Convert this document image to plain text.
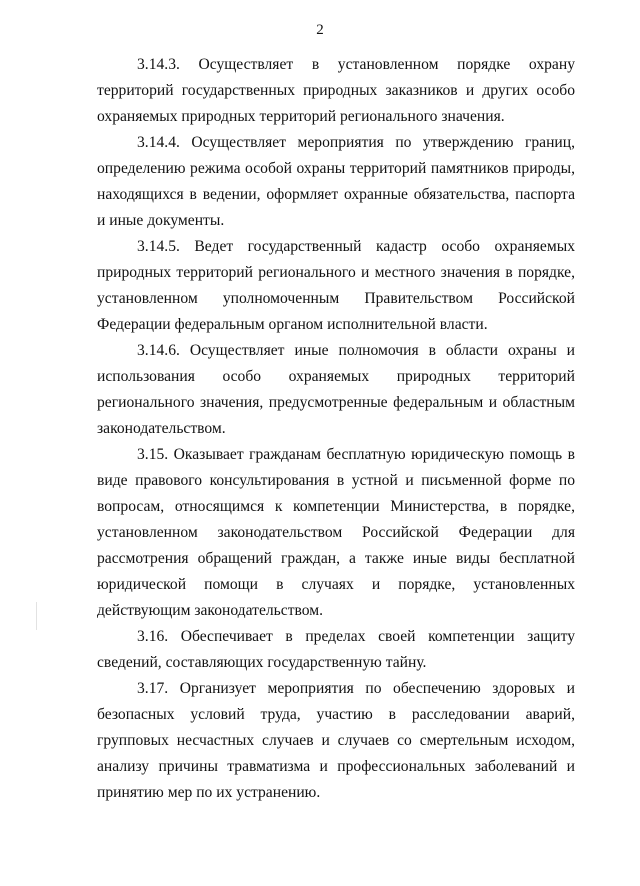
2

3.14.3. Осуществляет в установленном порядке охрану территорий государственных природных заказников и других особо охраняемых природных территорий регионального значения.

3.14.4. Осуществляет мероприятия по утверждению границ, определению режима особой охраны территорий памятников природы, находящихся в ведении, оформляет охранные обязательства, паспорта и иные документы.

3.14.5. Ведет государственный кадастр особо охраняемых природных территорий регионального и местного значения в порядке, установленном уполномоченным Правительством Российской Федерации федеральным органом исполнительной власти.

3.14.6. Осуществляет иные полномочия в области охраны и использования особо охраняемых природных территорий регионального значения, предусмотренные федеральным и областным законодательством.

3.15. Оказывает гражданам бесплатную юридическую помощь в виде правового консультирования в устной и письменной форме по вопросам, относящимся к компетенции Министерства, в порядке, установленном законодательством Российской Федерации для рассмотрения обращений граждан, а также иные виды бесплатной юридической помощи в случаях и порядке, установленных действующим законодательством.

3.16. Обеспечивает в пределах своей компетенции защиту сведений, составляющих государственную тайну.

3.17. Организует мероприятия по обеспечению здоровых и безопасных условий труда, участию в расследовании аварий, групповых несчастных случаев и случаев со смертельным исходом, анализу причины травматизма и профессиональных заболеваний и принятию мер по их устранению.
